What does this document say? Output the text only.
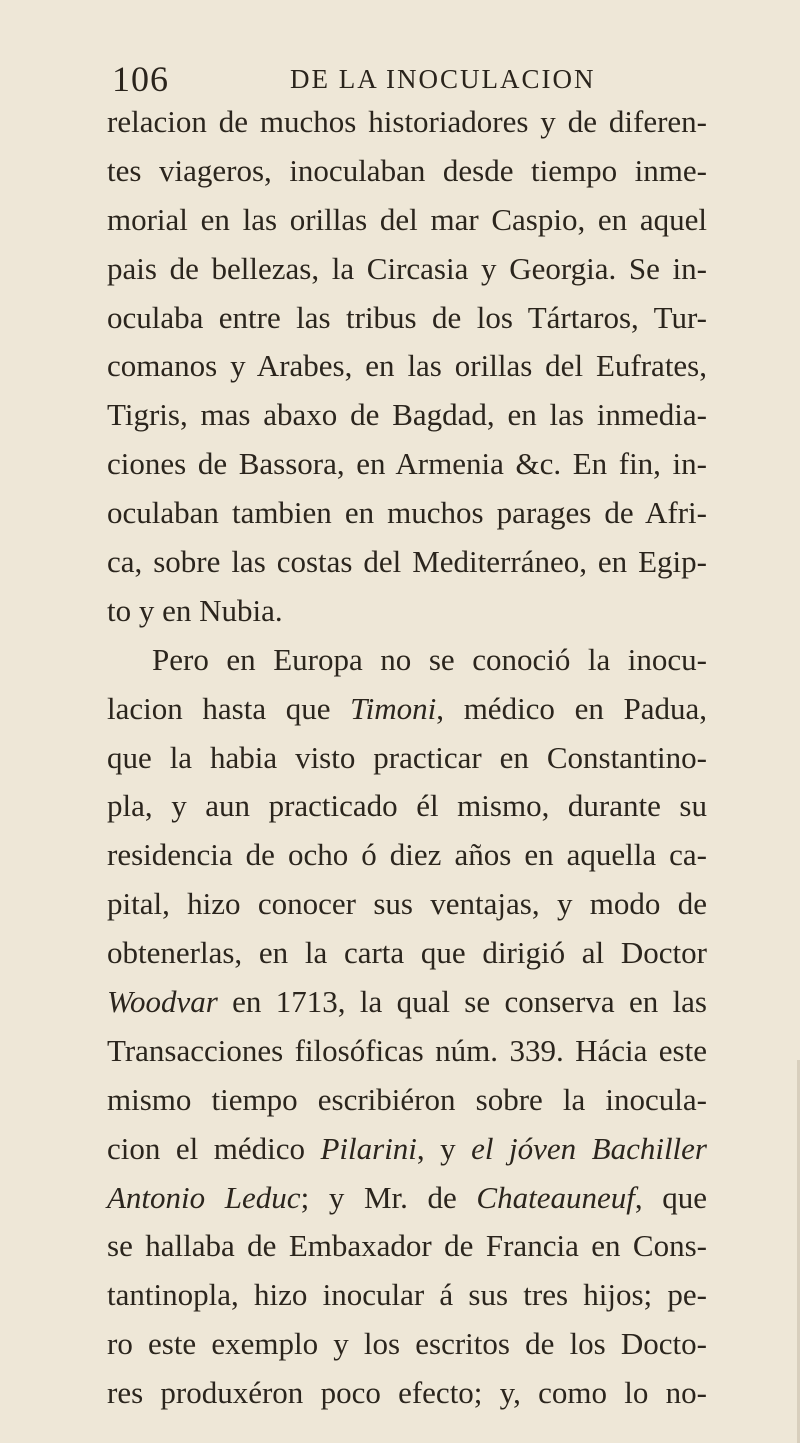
106	DE LA INOCULACION
relacion de muchos historiadores y de diferen-
tes viageros, inoculaban desde tiempo inme-
morial en las orillas del mar Caspio, en aquel
pais de bellezas, la Circasia y Georgia. Se in-
oculaba entre las tribus de los Tártaros, Tur-
comanos y Arabes, en las orillas del Eufrates,
Tigris, mas abaxo de Bagdad, en las inmedia-
ciones de Bassora, en Armenia &c. En fin, in-
oculaban tambien en muchos parages de Afri-
ca, sobre las costas del Mediterráneo, en Egip-
to y en Nubia.
Pero en Europa no se conoció la inocu-
lacion hasta que Timoni, médico en Padua,
que la habia visto practicar en Constantino-
pla, y aun practicado él mismo, durante su
residencia de ocho ó diez años en aquella ca-
pital, hizo conocer sus ventajas, y modo de
obtenerlas, en la carta que dirigió al Doctor
Woodvar en 1713, la qual se conserva en las
Transacciones filosóficas núm. 339. Hácia este
mismo tiempo escribiéron sobre la inocula-
cion el médico Pilarini, y el jóven Bachiller
Antonio Leduc; y Mr. de Chateauneuf, que
se hallaba de Embaxador de Francia en Cons-
tantinopla, hizo inocular á sus tres hijos; pe-
ro este exemplo y los escritos de los Docto-
res produxéron poco efecto; y, como lo no-
